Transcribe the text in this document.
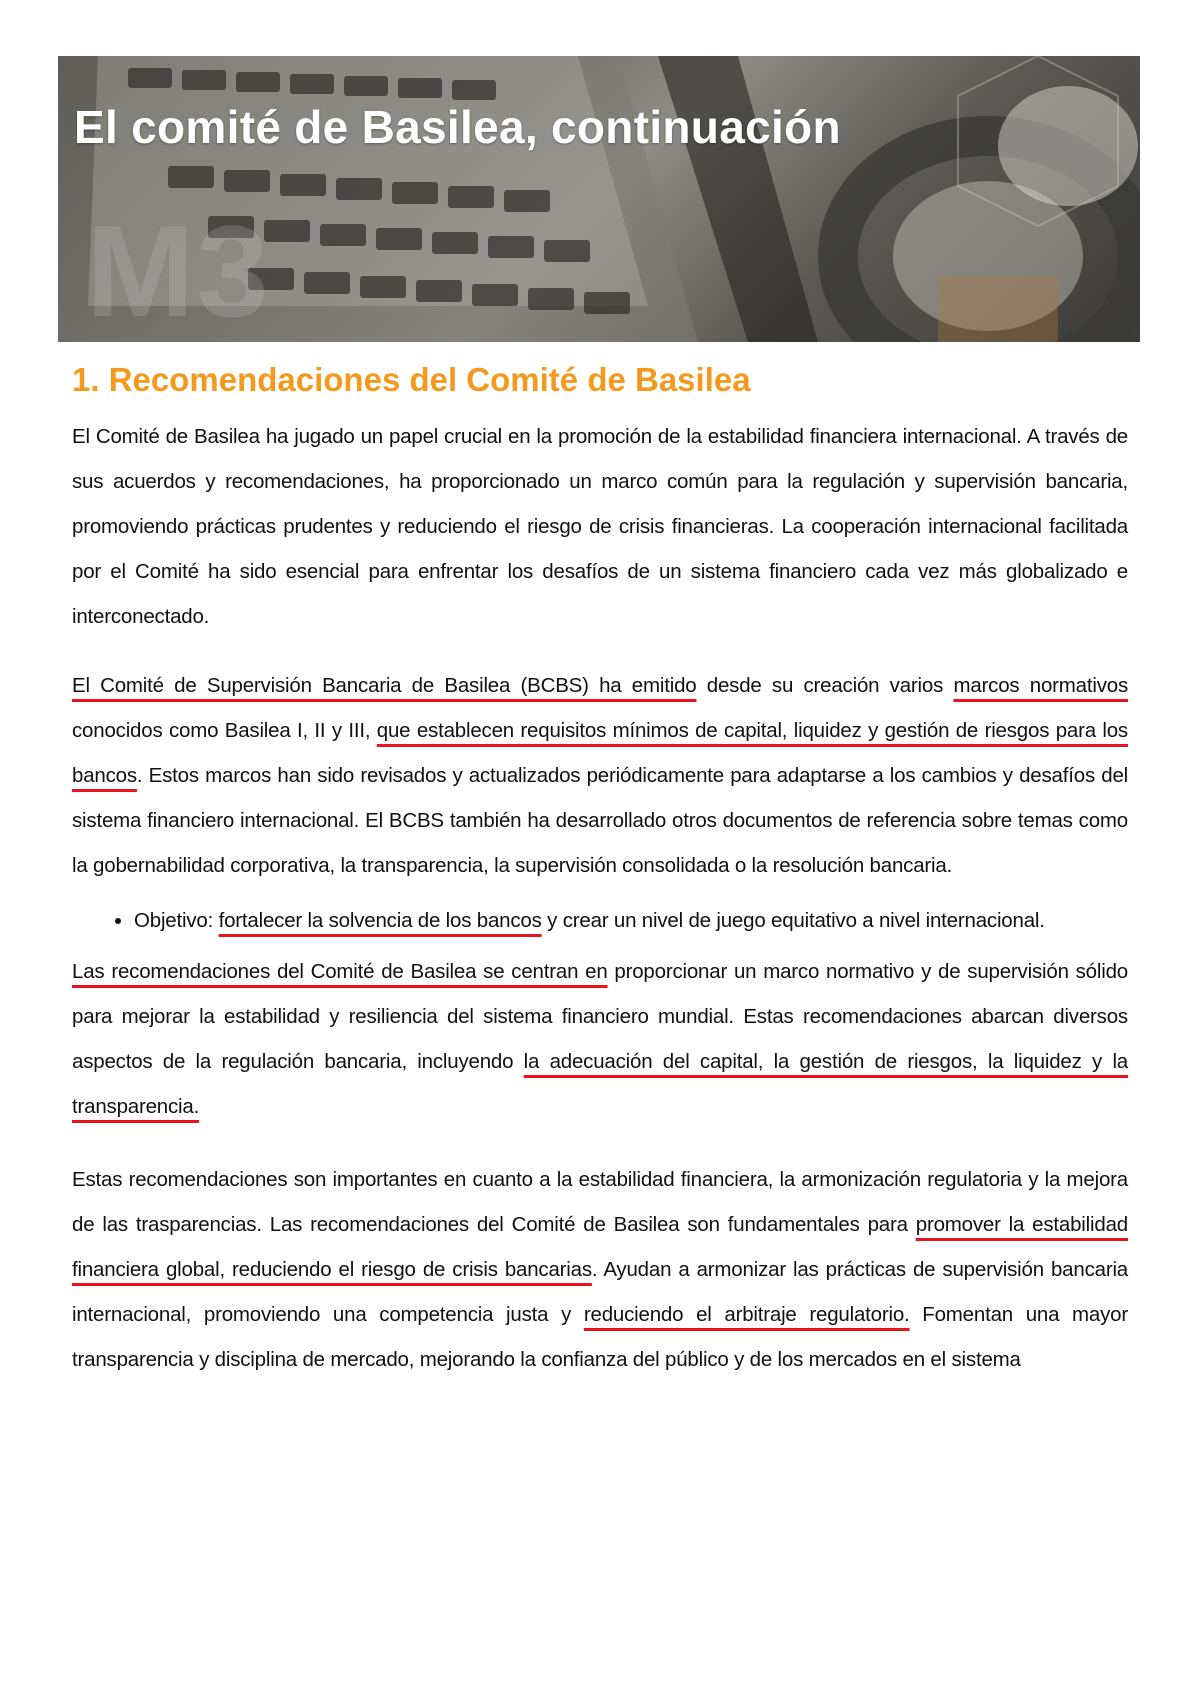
M3
El comité de Basilea, continuación
1. Recomendaciones del Comité de Basilea

El Comité de Basilea ha jugado un papel crucial en la promoción de la estabilidad financiera internacional. A través de sus acuerdos y recomendaciones, ha proporcionado un marco común para la regulación y supervisión bancaria, promoviendo prácticas prudentes y reduciendo el riesgo de crisis financieras. La cooperación internacional facilitada por el Comité ha sido esencial para enfrentar los desafíos de un sistema financiero cada vez más globalizado e interconectado.

El Comité de Supervisión Bancaria de Basilea (BCBS) ha emitido desde su creación varios marcos normativos conocidos como Basilea I, II y III, que establecen requisitos mínimos de capital, liquidez y gestión de riesgos para los bancos. Estos marcos han sido revisados y actualizados periódicamente para adaptarse a los cambios y desafíos del sistema financiero internacional. El BCBS también ha desarrollado otros documentos de referencia sobre temas como la gobernabilidad corporativa, la transparencia, la supervisión consolidada o la resolución bancaria.

• Objetivo: fortalecer la solvencia de los bancos y crear un nivel de juego equitativo a nivel internacional.

Las recomendaciones del Comité de Basilea se centran en proporcionar un marco normativo y de supervisión sólido para mejorar la estabilidad y resiliencia del sistema financiero mundial. Estas recomendaciones abarcan diversos aspectos de la regulación bancaria, incluyendo la adecuación del capital, la gestión de riesgos, la liquidez y la transparencia.

Estas recomendaciones son importantes en cuanto a la estabilidad financiera, la armonización regulatoria y la mejora de las trasparencias. Las recomendaciones del Comité de Basilea son fundamentales para promover la estabilidad financiera global, reduciendo el riesgo de crisis bancarias. Ayudan a armonizar las prácticas de supervisión bancaria internacional, promoviendo una competencia justa y reduciendo el arbitraje regulatorio. Fomentan una mayor transparencia y disciplina de mercado, mejorando la confianza del público y de los mercados en el sistema
